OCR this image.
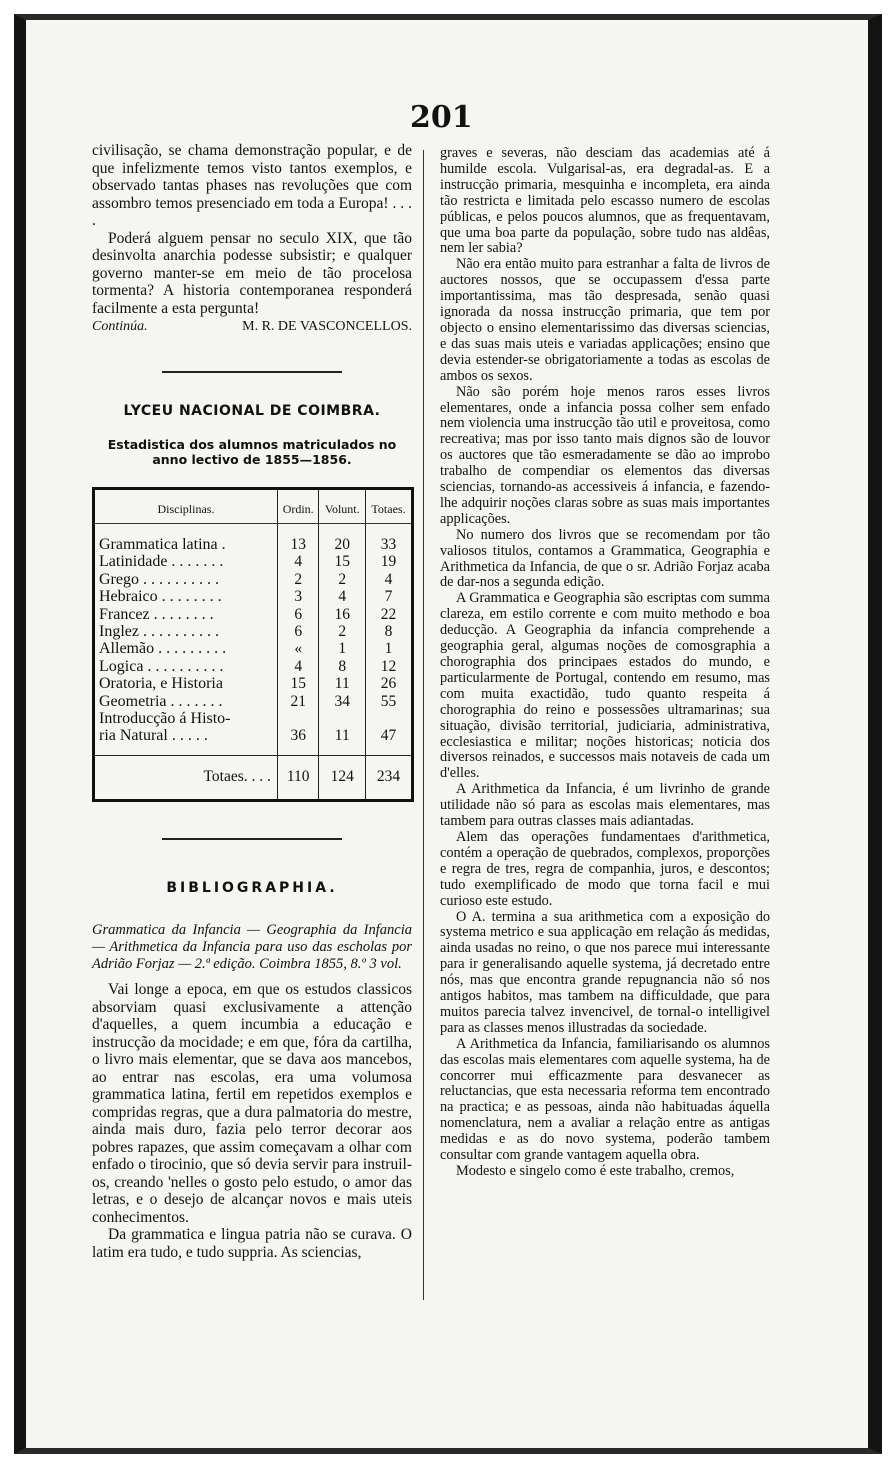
201

civilisação, se chama demonstração popular, e de que infelizmente temos visto tantos exemplos, e observado tantas phases nas revoluções que com assombro temos presenciado em toda a Europa! . . . .

Poderá alguem pensar no seculo XIX, que tão desinvolta anarchia podesse subsistir; e qualquer governo manter-se em meio de tão procelosa tormenta? A historia contemporanea responderá facilmente a esta pergunta!

Continúa.	M. R. DE VASCONCELLOS.
LYCEU NACIONAL DE COIMBRA.
Estadistica dos alumnos matriculados no anno lectivo de 1855—1856.
Disciplinas.	Ordin.	Volunt.	Totaes.
Grammatica latina .	13	20	33
Latinidade . . . . . . .	4	15	19
Grego . . . . . . . . . .	2	2	4
Hebraico . . . . . . . .	3	4	7
Francez . . . . . . . .	6	16	22
Inglez . . . . . . . . . .	6	2	8
Allemão . . . . . . . . .	«	1	1
Logica . . . . . . . . . .	4	8	12
Oratoria, e Historia	15	11	26
Geometria . . . . . . .	21	34	55
Introducção á Histo-			
ria Natural . . . . .	36	11	47
Totaes. . . .	110	124	234
BIBLIOGRAPHIA.
Grammatica da Infancia — Geographia da Infancia — Arithmetica da Infancia para uso das escholas por Adrião Forjaz — 2.ª edição. Coimbra 1855, 8.º 3 vol.

Vai longe a epoca, em que os estudos classicos absorviam quasi exclusivamente a attenção d'aquelles, a quem incumbia a educação e instrucção da mocidade; e em que, fóra da cartilha, o livro mais elementar, que se dava aos mancebos, ao entrar nas escolas, era uma volumosa grammatica latina, fertil em repetidos exemplos e compridas regras, que a dura palmatoria do mestre, ainda mais duro, fazia pelo terror decorar aos pobres rapazes, que assim começavam a olhar com enfado o tirocinio, que só devia servir para instruil-os, creando 'nelles o gosto pelo estudo, o amor das letras, e o desejo de alcançar novos e mais uteis conhecimentos.

Da grammatica e lingua patria não se curava. O latim era tudo, e tudo suppria. As sciencias,

graves e severas, não desciam das academias até á humilde escola. Vulgarisal-as, era degradal-as. E a instrucção primaria, mesquinha e incompleta, era ainda tão restricta e limitada pelo escasso numero de escolas públicas, e pelos poucos alumnos, que as frequentavam, que uma boa parte da população, sobre tudo nas aldêas, nem ler sabia?

Não era então muito para estranhar a falta de livros de auctores nossos, que se occupassem d'essa parte importantissima, mas tão despresada, senão quasi ignorada da nossa instrucção primaria, que tem por objecto o ensino elementarissimo das diversas sciencias, e das suas mais uteis e variadas applicações; ensino que devia estender-se obrigatoriamente a todas as escolas de ambos os sexos.

Não são porém hoje menos raros esses livros elementares, onde a infancia possa colher sem enfado nem violencia uma instrucção tão util e proveitosa, como recreativa; mas por isso tanto mais dignos são de louvor os auctores que tão esmeradamente se dão ao improbo trabalho de compendiar os elementos das diversas sciencias, tornando-as accessiveis á infancia, e fazendo-lhe adquirir noções claras sobre as suas mais importantes applicações.

No numero dos livros que se recomendam por tão valiosos titulos, contamos a Grammatica, Geographia e Arithmetica da Infancia, de que o sr. Adrião Forjaz acaba de dar-nos a segunda edição.

A Grammatica e Geographia são escriptas com summa clareza, em estilo corrente e com muito methodo e boa deducção. A Geographia da infancia comprehende a geographia geral, algumas noções de comosgraphia a chorographia dos principaes estados do mundo, e particularmente de Portugal, contendo em resumo, mas com muita exactidão, tudo quanto respeita á chorographia do reino e possessões ultramarinas; sua situação, divisão territorial, judiciaria, administrativa, ecclesiastica e militar; noções historicas; noticia dos diversos reinados, e successos mais notaveis de cada um d'elles.

A Arithmetica da Infancia, é um livrinho de grande utilidade não só para as escolas mais elementares, mas tambem para outras classes mais adiantadas.

Alem das operações fundamentaes d'arithmetica, contém a operação de quebrados, complexos, proporções e regra de tres, regra de companhia, juros, e descontos; tudo exemplificado de modo que torna facil e mui curioso este estudo.

O A. termina a sua arithmetica com a exposição do systema metrico e sua applicação em relação ás medidas, ainda usadas no reino, o que nos parece mui interessante para ir generalisando aquelle systema, já decretado entre nós, mas que encontra grande repugnancia não só nos antigos habitos, mas tambem na difficuldade, que para muitos parecia talvez invencivel, de tornal-o intelligivel para as classes menos illustradas da sociedade.

A Arithmetica da Infancia, familiarisando os alumnos das escolas mais elementares com aquelle systema, ha de concorrer mui efficazmente para desvanecer as reluctancias, que esta necessaria reforma tem encontrado na practica; e as pessoas, ainda não habituadas áquella nomenclatura, nem a avaliar a relação entre as antigas medidas e as do novo systema, poderão tambem consultar com grande vantagem aquella obra.

Modesto e singelo como é este trabalho, cremos,
